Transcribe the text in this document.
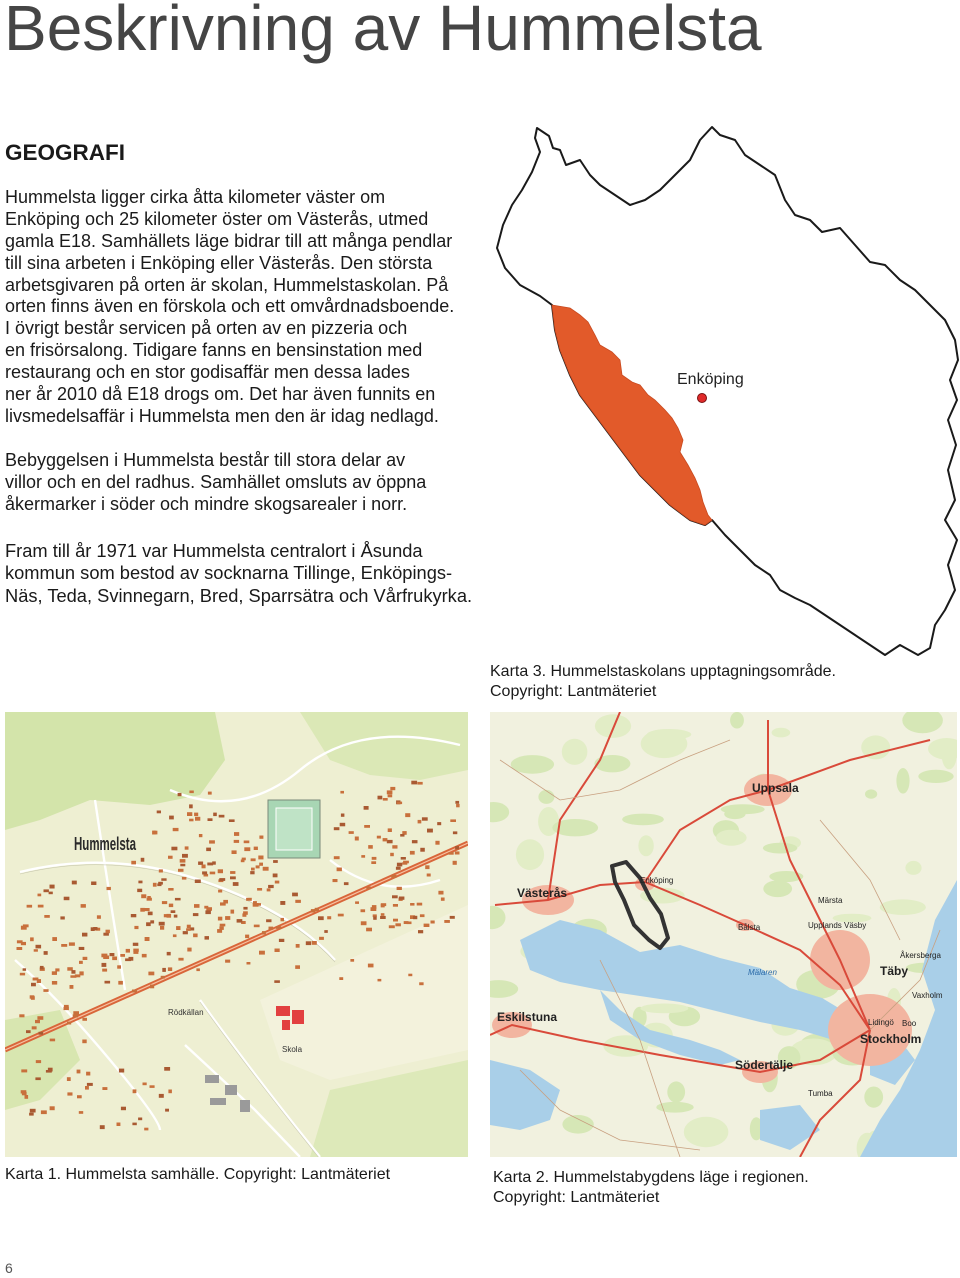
Beskrivning av Hummelsta
GEOGRAFI
Hummelsta ligger cirka åtta kilometer väster om
Enköping och 25 kilometer öster om Västerås, utmed
gamla E18. Samhällets läge bidrar till att många pendlar
till sina arbeten i Enköping eller Västerås. Den största
arbetsgivaren på orten är skolan, Hummelstaskolan. På
orten finns även en förskola och ett omvårdnadsboende.
I övrigt består servicen på orten av en pizzeria och
en frisörsalong. Tidigare fanns en bensinstation med
restaurang och en stor godisaffär men dessa lades
ner år 2010 då E18 drogs om. Det har även funnits en
livsmedelsaffär i Hummelsta men den är idag nedlagd.
Bebyggelsen i Hummelsta består till stora delar av
villor och en del radhus. Samhället omsluts av öppna
åkermarker i söder och mindre skogsarealer i norr.
Fram till år 1971 var Hummelsta centralort i Åsunda
kommun som bestod av socknarna Tillinge, Enköpings-
Näs, Teda, Svinnegarn, Bred, Sparrsätra och Vårfrukyrka.
Enköping
Karta 3. Hummelstaskolans upptagningsområde.
Copyright: Lantmäteriet
Hummelsta
Rödkällan
Skola
Karta 1. Hummelsta samhälle. Copyright: Lantmäteriet
Uppsala
Västerås
Enköping
Bålsta
Märsta
Upplands Väsby
Täby
Åkersberga
Vaxholm
Lidingö Boo
Stockholm
Södertälje
Tumba
Eskilstuna
Mälaren
Karta 2. Hummelstabygdens läge i regionen.
Copyright: Lantmäteriet
6
